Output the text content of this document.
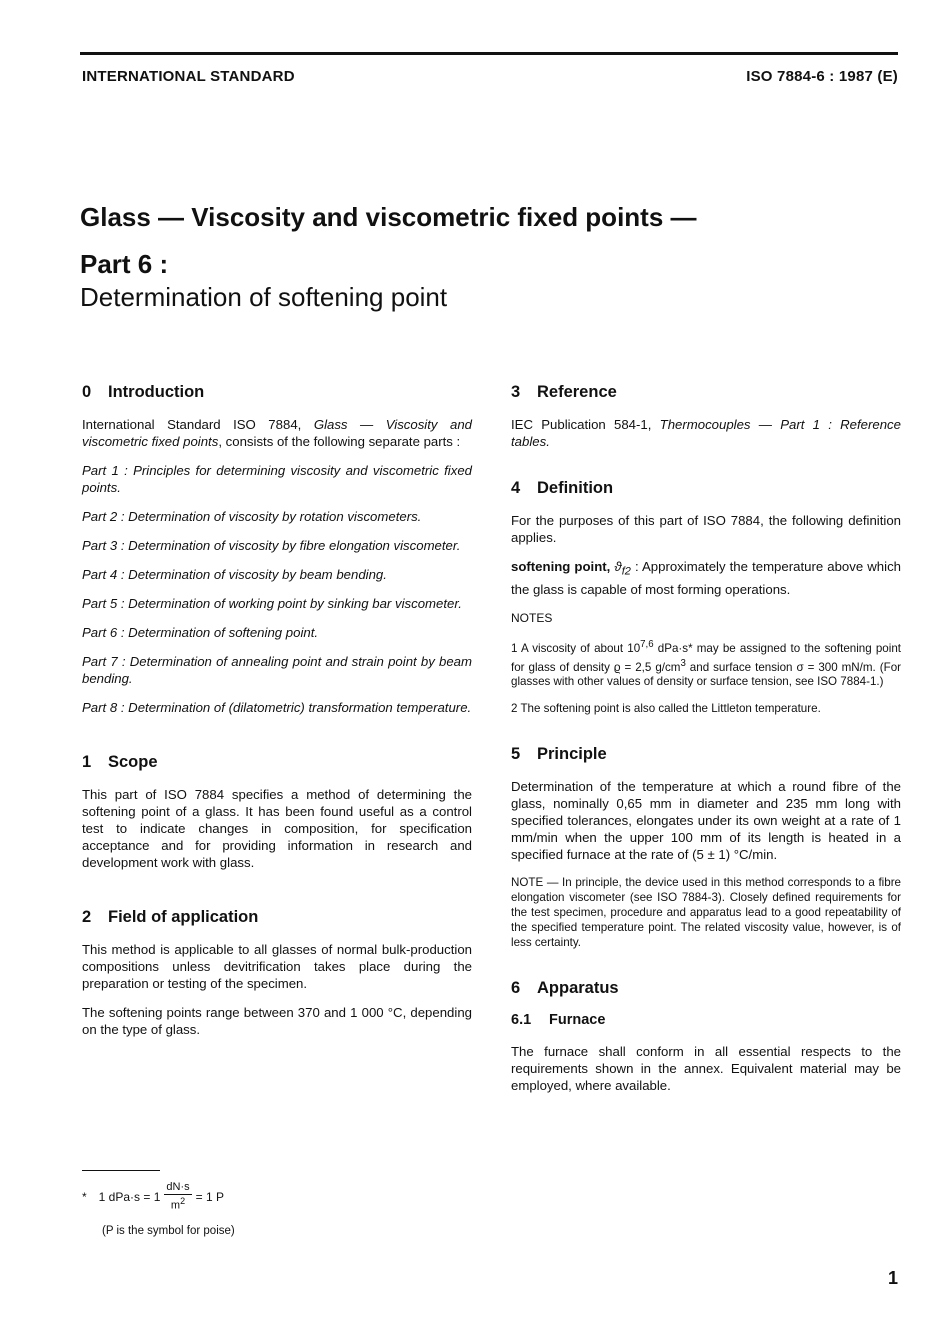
INTERNATIONAL STANDARD	ISO 7884-6 : 1987 (E)
Glass — Viscosity and viscometric fixed points —
Part 6 :
Determination of softening point
0 Introduction

International Standard ISO 7884, Glass — Viscosity and viscometric fixed points, consists of the following separate parts :

Part 1 : Principles for determining viscosity and viscometric fixed points.

Part 2 : Determination of viscosity by rotation viscometers.

Part 3 : Determination of viscosity by fibre elongation viscometer.

Part 4 : Determination of viscosity by beam bending.

Part 5 : Determination of working point by sinking bar viscometer.

Part 6 : Determination of softening point.

Part 7 : Determination of annealing point and strain point by beam bending.

Part 8 : Determination of (dilatometric) transformation temperature.

1 Scope

This part of ISO 7884 specifies a method of determining the softening point of a glass. It has been found useful as a control test to indicate changes in composition, for specification acceptance and for providing information in research and development work with glass.

2 Field of application

This method is applicable to all glasses of normal bulk-production compositions unless devitrification takes place during the preparation or testing of the specimen.

The softening points range between 370 and 1 000 °C, depending on the type of glass.

3 Reference

IEC Publication 584-1, Thermocouples — Part 1 : Reference tables.

4 Definition

For the purposes of this part of ISO 7884, the following definition applies.

softening point, $ϑ_{f2}$ : Approximately the temperature above which the glass is capable of most forming operations.

NOTES

1 A viscosity of about 10$^{7,6}$ dPa·s* may be assigned to the softening point for glass of density ϱ = 2,5 $g/cm^3$ and surface tension σ = 300 mN/m. (For glasses with other values of density or surface tension, see ISO 7884-1.)

2 The softening point is also called the Littleton temperature.

5 Principle

Determination of the temperature at which a round fibre of the glass, nominally 0,65 mm in diameter and 235 mm long with specified tolerances, elongates under its own weight at a rate of 1 mm/min when the upper 100 mm of its length is heated in a specified furnace at the rate of (5 ± 1) °C/min.

NOTE — In principle, the device used in this method corresponds to a fibre elongation viscometer (see ISO 7884-3). Closely defined requirements for the test specimen, procedure and apparatus lead to a good repeatability of the specified temperature point. The related viscosity value, however, is of less certainty.

6 Apparatus
6.1 Furnace

The furnace shall conform in all essential respects to the requirements shown in the annex. Equivalent material may be employed, where available.

* 1 $dPa\cdot s = 1 \frac{dN\cdot s}{m^2} = 1$ P
(P is the symbol for poise)
1
